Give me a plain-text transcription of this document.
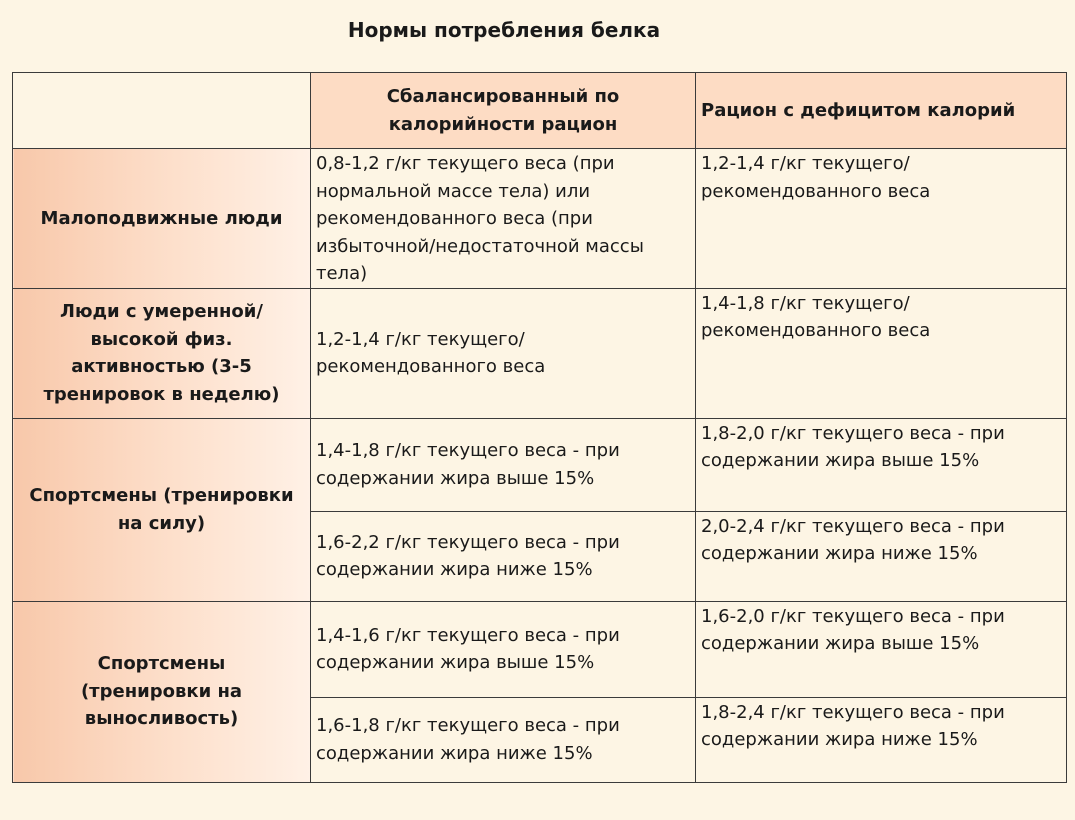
Нормы потребления белка
	Сбалансированный по калорийности рацион	Рацион с дефицитом калорий
Малоподвижные люди	0,8-1,2 г/кг текущего веса (при нормальной массе тела) или рекомендованного веса (при избыточной/недостаточной массы тела)	1,2-1,4 г/кг текущего/рекомендованного веса
Люди с умеренной/высокой физ. активностью (3-5 тренировок в неделю)	1,2-1,4 г/кг текущего/рекомендованного веса	1,4-1,8 г/кг текущего/рекомендованного веса
Спортсмены (тренировки на силу)	1,4-1,8 г/кг текущего веса - при содержании жира выше 15%	1,8-2,0 г/кг текущего веса - при содержании жира выше 15%
	1,6-2,2 г/кг текущего веса - при содержании жира ниже 15%	2,0-2,4 г/кг текущего веса - при содержании жира ниже 15%
Спортсмены (тренировки на выносливость)	1,4-1,6 г/кг текущего веса - при содержании жира выше 15%	1,6-2,0 г/кг текущего веса - при содержании жира выше 15%
	1,6-1,8 г/кг текущего веса - при содержании жира ниже 15%	1,8-2,4 г/кг текущего веса - при содержании жира ниже 15%
